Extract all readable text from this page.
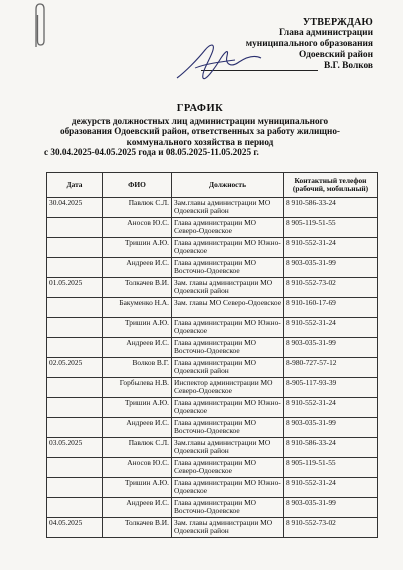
УТВЕРЖДАЮ
Глава администрации
муниципального образования
Одоевский район
В.Г. Волков
ГРАФИК
дежурств должностных лиц администрации муниципального
образования Одоевский район, ответственных за работу жилищно-
коммунального хозяйства в период
с 30.04.2025-04.05.2025 года и 08.05.2025-11.05.2025 г.
Дата	ФИО	Должность	Контактный телефон (рабочий, мобильный)
30.04.2025	Павлюк С.Л.	Зам.главы администрации МО Одоевский район	8 910-586-33-24
	Аносов Ю.С.	Глава администрации МО Северо-Одоевское	8 905-119-51-55
	Тришин А.Ю.	Глава администрации МО Южно-Одоевское	8 910-552-31-24
	Андреев И.С.	Глава администрации МО Восточно-Одоевское	8 903-035-31-99
01.05.2025	Толкачев В.И.	Зам. главы администрации МО Одоевский район	8 910-552-73-02
	Бакуменко Н.А.	Зам. главы МО Северо-Одоевское	8 910-160-17-69
	Тришин А.Ю.	Глава администрации МО Южно-Одоевское	8 910-552-31-24
	Андреев И.С.	Глава администрации МО Восточно-Одоевское	8 903-035-31-99
02.05.2025	Волков В.Г.	Глава администрации МО Одоевский район	8-980-727-57-12
	Горбылева Н.В.	Инспектор администрации МО Северо-Одоевское	8-905-117-93-39
	Тришин А.Ю.	Глава администрации МО Южно-Одоевское	8 910-552-31-24
	Андреев И.С.	Глава администрации МО Восточно-Одоевское	8 903-035-31-99
03.05.2025	Павлюк С.Л.	Зам.главы администрации МО Одоевский район	8 910-586-33-24
	Аносов Ю.С.	Глава администрации МО Северо-Одоевское	8 905-119-51-55
	Тришин А.Ю.	Глава администрации МО Южно-Одоевское	8 910-552-31-24
	Андреев И.С.	Глава администрации МО Восточно-Одоевское	8 903-035-31-99
04.05.2025	Толкачев В.И.	Зам. главы администрации МО Одоевский район	8 910-552-73-02
